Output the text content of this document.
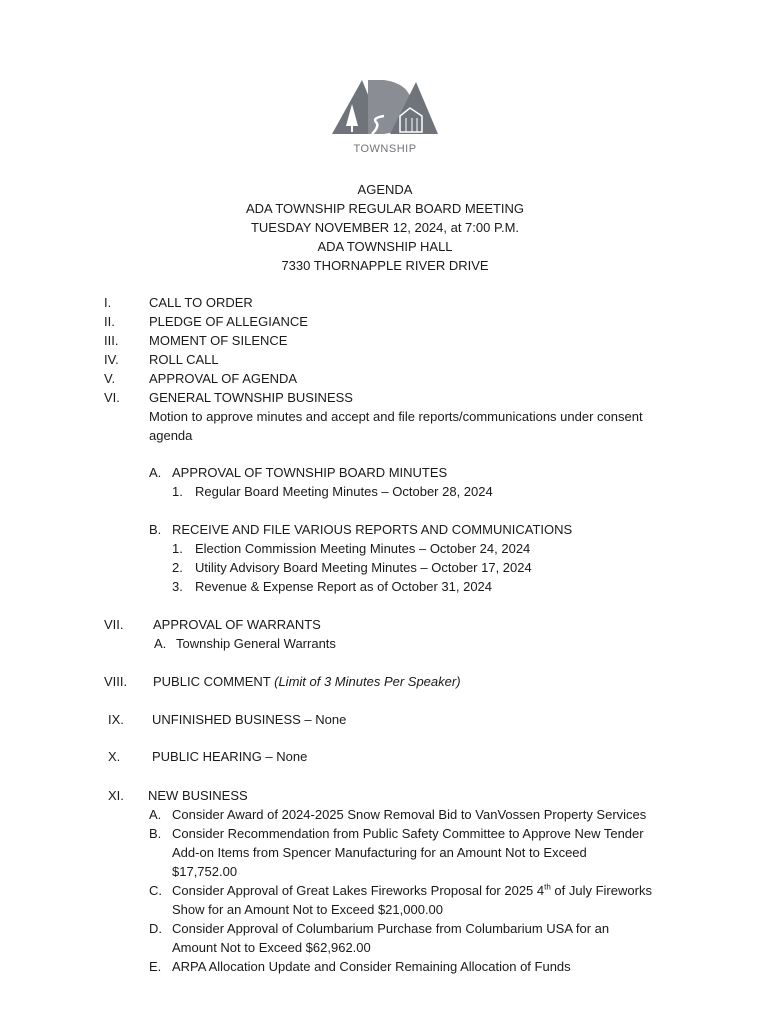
TOWNSHIP
AGENDA
ADA TOWNSHIP REGULAR BOARD MEETING
TUESDAY NOVEMBER 12, 2024, at 7:00 P.M.
ADA TOWNSHIP HALL
7330 THORNAPPLE RIVER DRIVE
I.	CALL TO ORDER
II.	PLEDGE OF ALLEGIANCE
III. MOMENT OF SILENCE
IV. ROLL CALL
V.	APPROVAL OF AGENDA
VI. GENERAL TOWNSHIP BUSINESS
Motion to approve minutes and accept and file reports/communications under consent
agenda
A. APPROVAL OF TOWNSHIP BOARD MINUTES
1. Regular Board Meeting Minutes – October 28, 2024
B. RECEIVE AND FILE VARIOUS REPORTS AND COMMUNICATIONS
1. Election Commission Meeting Minutes – October 24, 2024
2. Utility Advisory Board Meeting Minutes – October 17, 2024
3. Revenue & Expense Report as of October 31, 2024
VII. APPROVAL OF WARRANTS
A. Township General Warrants
VIII. PUBLIC COMMENT (Limit of 3 Minutes Per Speaker)
IX. UNFINISHED BUSINESS – None
X. PUBLIC HEARING – None
XI. NEW BUSINESS
A. Consider Award of 2024-2025 Snow Removal Bid to VanVossen Property Services
B. Consider Recommendation from Public Safety Committee to Approve New Tender
Add-on Items from Spencer Manufacturing for an Amount Not to Exceed
$17,752.00
C. Consider Approval of Great Lakes Fireworks Proposal for 2025 4th of July Fireworks
Show for an Amount Not to Exceed $21,000.00
D. Consider Approval of Columbarium Purchase from Columbarium USA for an
Amount Not to Exceed $62,962.00
E. ARPA Allocation Update and Consider Remaining Allocation of Funds
